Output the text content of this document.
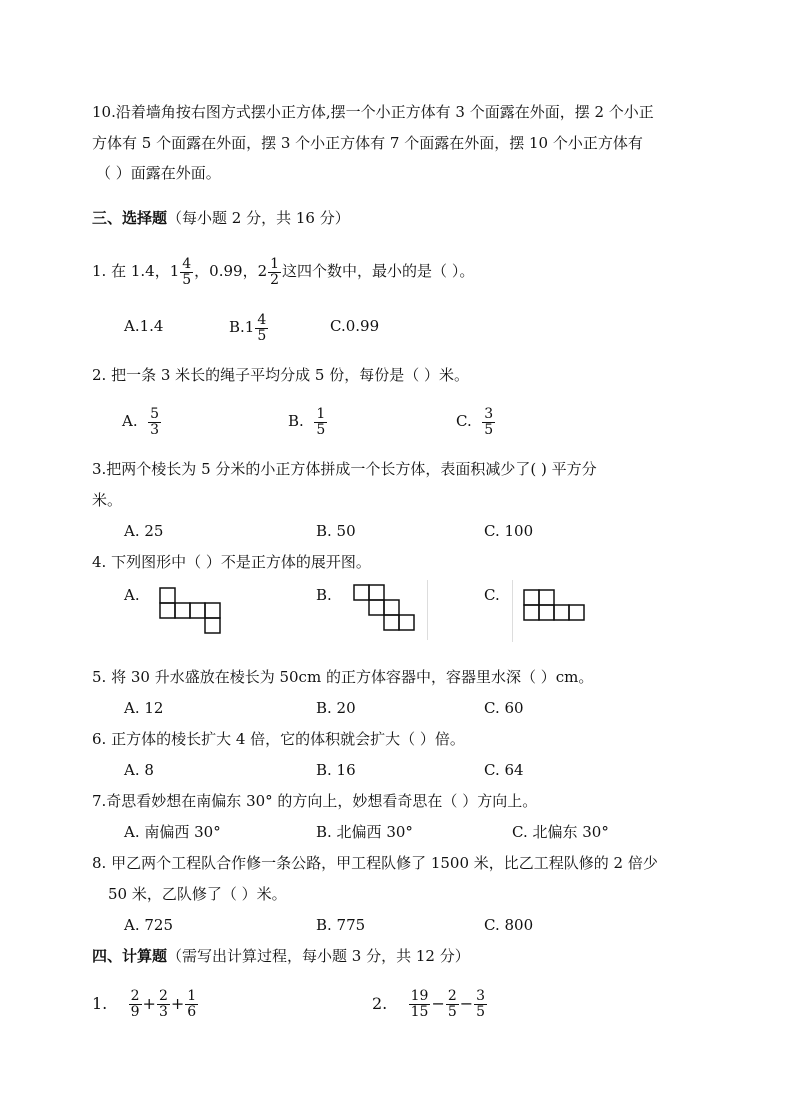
10.沿着墙角按右图方式摆小正方体,摆一个小正方体有 3 个面露在外面，摆 2 个小正
方体有 5 个面露在外面，摆 3 个小正方体有 7 个面露在外面，摆 10 个小正方体有
（ ）面露在外面。
三、选择题（每小题 2 分，共 16 分）
1. 在 1.4，$1 \frac{4}{5}$ ，0.99，$2 \frac{1}{2}$ 这四个数中，最小的是（ ）。
A.1.4	$B.1 \frac{4}{5}$	C.0.99
2. 把一条 3 米长的绳子平均分成 5 份，每份是（ ）米。
A. $\frac{5}{3}$	B. $\frac{1}{5}$	C. $\frac{3}{5}$
3.把两个棱长为 5 分米的小正方体拼成一个长方体，表面积减少了( ) 平方分
米。
A. 25	B. 50	C. 100
4. 下列图形中（ ）不是正方体的展开图。
A.	B.	C.
5. 将 30 升水盛放在棱长为 50cm 的正方体容器中，容器里水深（ ）cm。
A. 12	B. 20	C. 60
6. 正方体的棱长扩大 4 倍，它的体积就会扩大（ ）倍。
A. 8	B. 16	C. 64
7.奇思看妙想在南偏东 30° 的方向上，妙想看奇思在（ ）方向上。
A. 南偏西 30°	B. 北偏西 30°	C. 北偏东 30°
8. 甲乙两个工程队合作修一条公路，甲工程队修了 1500 米，比乙工程队修的 2 倍少
50 米，乙队修了（ ）米。
A. 725	B. 775	C. 800
四、计算题（需写出计算过程，每小题 3 分，共 12 分）
1. $\frac{2}{9} + \frac{2}{3} + \frac{1}{6}$	2. $\frac{19}{15} - \frac{2}{5} - \frac{3}{5}$
